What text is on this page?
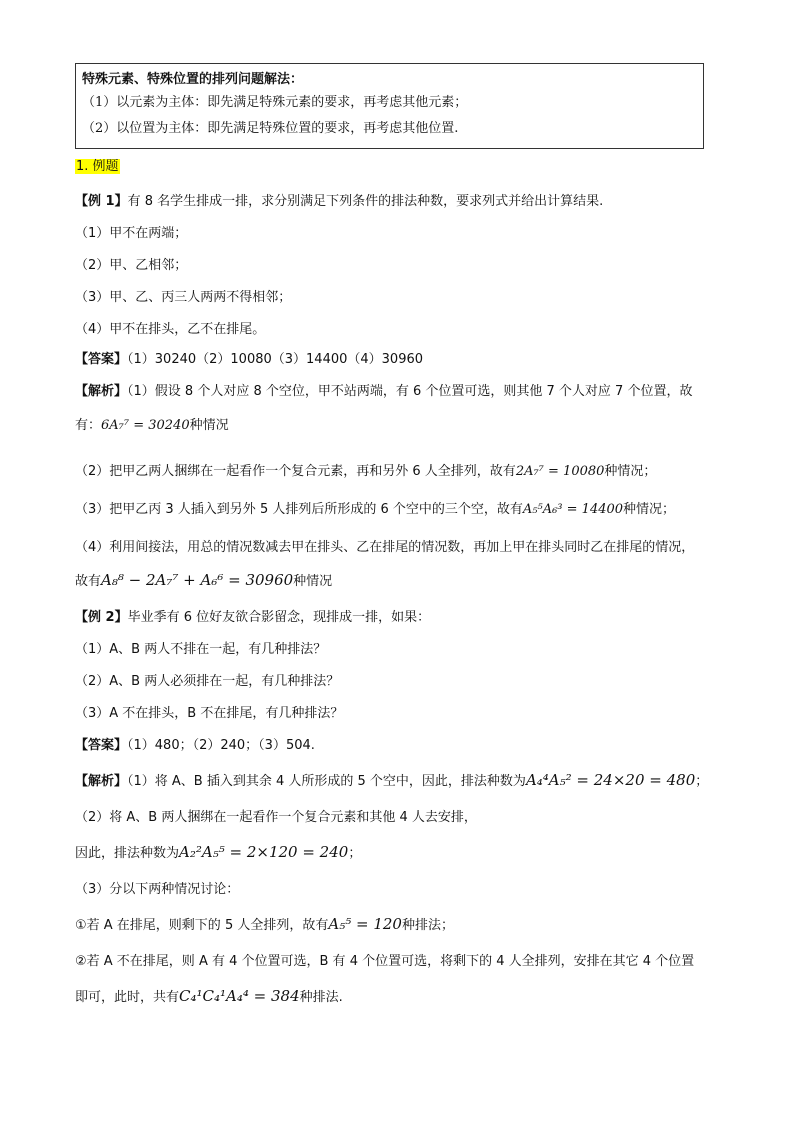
特殊元素、特殊位置的排列问题解法：
（1）以元素为主体：即先满足特殊元素的要求，再考虑其他元素；
（2）以位置为主体：即先满足特殊位置的要求，再考虑其他位置.
1. 例题
【例 1】有 8 名学生排成一排，求分别满足下列条件的排法种数，要求列式并给出计算结果.
（1）甲不在两端；
（2）甲、乙相邻；
（3）甲、乙、丙三人两两不得相邻；
（4）甲不在排头，乙不在排尾。
【答案】（1）30240（2）10080（3）14400（4）30960
【解析】（1）假设 8 个人对应 8 个空位，甲不站两端，有 6 个位置可选，则其他 7 个人对应 7 个位置，故
有：6A₇⁷ = 30240种情况
（2）把甲乙两人捆绑在一起看作一个复合元素，再和另外 6 人全排列，故有2A₇⁷ = 10080种情况；
（3）把甲乙丙 3 人插入到另外 5 人排列后所形成的 6 个空中的三个空，故有A₅⁵A₆³ = 14400种情况；
（4）利用间接法，用总的情况数减去甲在排头、乙在排尾的情况数，再加上甲在排头同时乙在排尾的情况，
故有A₈⁸ − 2A₇⁷ + A₆⁶ = 30960种情况
【例 2】毕业季有 6 位好友欲合影留念，现排成一排，如果：
（1）A、B 两人不排在一起，有几种排法？
（2）A、B 两人必须排在一起，有几种排法？
（3）A 不在排头，B 不在排尾，有几种排法？
【答案】（1）480；（2）240；（3）504.
【解析】（1）将 A、B 插入到其余 4 人所形成的 5 个空中，因此，排法种数为A₄⁴A₅² = 24×20 = 480；
（2）将 A、B 两人捆绑在一起看作一个复合元素和其他 4 人去安排，
因此，排法种数为A₂²A₅⁵ = 2×120 = 240；
（3）分以下两种情况讨论：
①若 A 在排尾，则剩下的 5 人全排列，故有A₅⁵ = 120种排法；
②若 A 不在排尾，则 A 有 4 个位置可选，B 有 4 个位置可选，将剩下的 4 人全排列，安排在其它 4 个位置
即可，此时，共有C₄¹C₄¹A₄⁴ = 384种排法.
